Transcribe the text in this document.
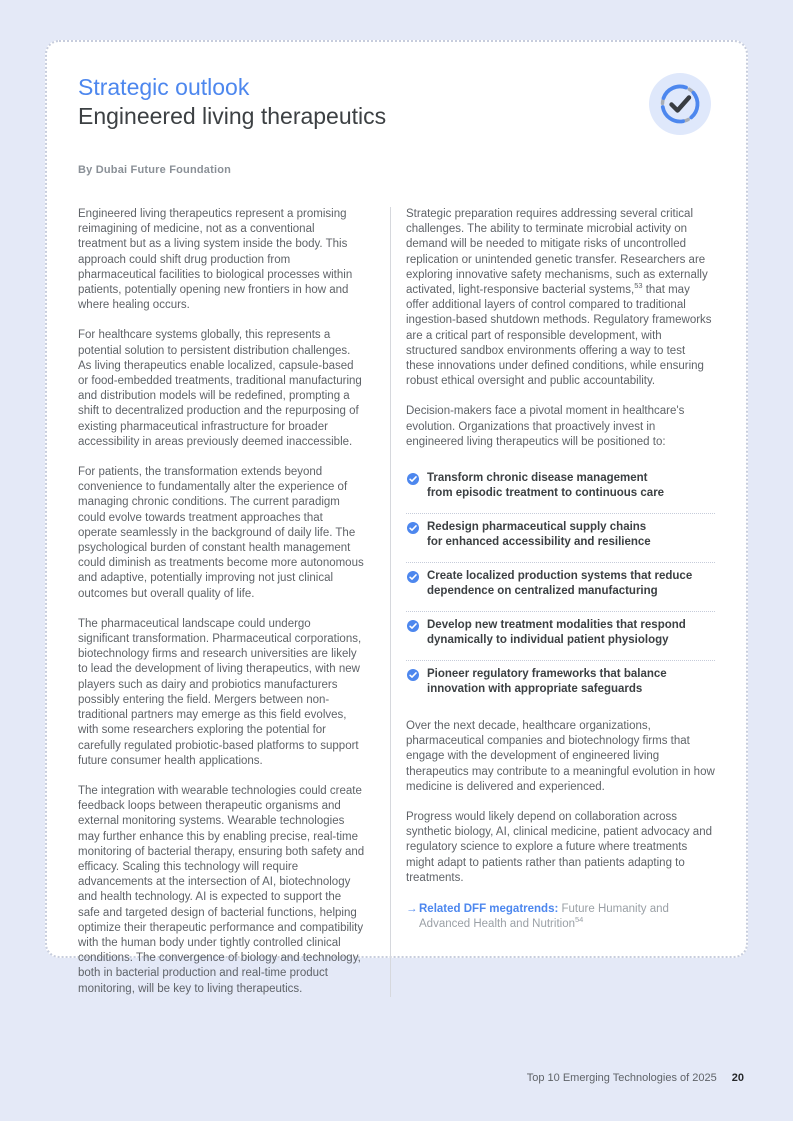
Strategic outlook
Engineered living therapeutics
By Dubai Future Foundation

Engineered living therapeutics represent a promising reimagining of medicine, not as a conventional treatment but as a living system inside the body. This approach could shift drug production from pharmaceutical facilities to biological processes within patients, potentially opening new frontiers in how and where healing occurs.

For healthcare systems globally, this represents a potential solution to persistent distribution challenges. As living therapeutics enable localized, capsule-based or food-embedded treatments, traditional manufacturing and distribution models will be redefined, prompting a shift to decentralized production and the repurposing of existing pharmaceutical infrastructure for broader accessibility in areas previously deemed inaccessible.

For patients, the transformation extends beyond convenience to fundamentally alter the experience of managing chronic conditions. The current paradigm could evolve towards treatment approaches that operate seamlessly in the background of daily life. The psychological burden of constant health management could diminish as treatments become more autonomous and adaptive, potentially improving not just clinical outcomes but overall quality of life.

The pharmaceutical landscape could undergo significant transformation. Pharmaceutical corporations, biotechnology firms and research universities are likely to lead the development of living therapeutics, with new players such as dairy and probiotics manufacturers possibly entering the field. Mergers between non-traditional partners may emerge as this field evolves, with some researchers exploring the potential for carefully regulated probiotic-based platforms to support future consumer health applications.

The integration with wearable technologies could create feedback loops between therapeutic organisms and external monitoring systems. Wearable technologies may further enhance this by enabling precise, real-time monitoring of bacterial therapy, ensuring both safety and efficacy. Scaling this technology will require advancements at the intersection of AI, biotechnology and health technology. AI is expected to support the safe and targeted design of bacterial functions, helping optimize their therapeutic performance and compatibility with the human body under tightly controlled clinical conditions. The convergence of biology and technology, both in bacterial production and real-time product monitoring, will be key to living therapeutics.

Strategic preparation requires addressing several critical challenges. The ability to terminate microbial activity on demand will be needed to mitigate risks of uncontrolled replication or unintended genetic transfer. Researchers are exploring innovative safety mechanisms, such as externally activated, light-responsive bacterial systems,$^{53}$ that may offer additional layers of control compared to traditional ingestion-based shutdown methods. Regulatory frameworks are a critical part of responsible development, with structured sandbox environments offering a way to test these innovations under defined conditions, while ensuring robust ethical oversight and public accountability.

Decision-makers face a pivotal moment in healthcare's evolution. Organizations that proactively invest in engineered living therapeutics will be positioned to:

Transform chronic disease management
from episodic treatment to continuous care
Redesign pharmaceutical supply chains
for enhanced accessibility and resilience
Create localized production systems that reduce
dependence on centralized manufacturing
Develop new treatment modalities that respond
dynamically to individual patient physiology
Pioneer regulatory frameworks that balance
innovation with appropriate safeguards

Over the next decade, healthcare organizations, pharmaceutical companies and biotechnology firms that engage with the development of engineered living therapeutics may contribute to a meaningful evolution in how medicine is delivered and experienced.

Progress would likely depend on collaboration across synthetic biology, AI, clinical medicine, patient advocacy and regulatory science to explore a future where treatments might adapt to patients rather than patients adapting to treatments.

→ Related DFF megatrends: Future Humanity and Advanced Health and Nutrition$^{54}$
Top 10 Emerging Technologies of 2025 20
